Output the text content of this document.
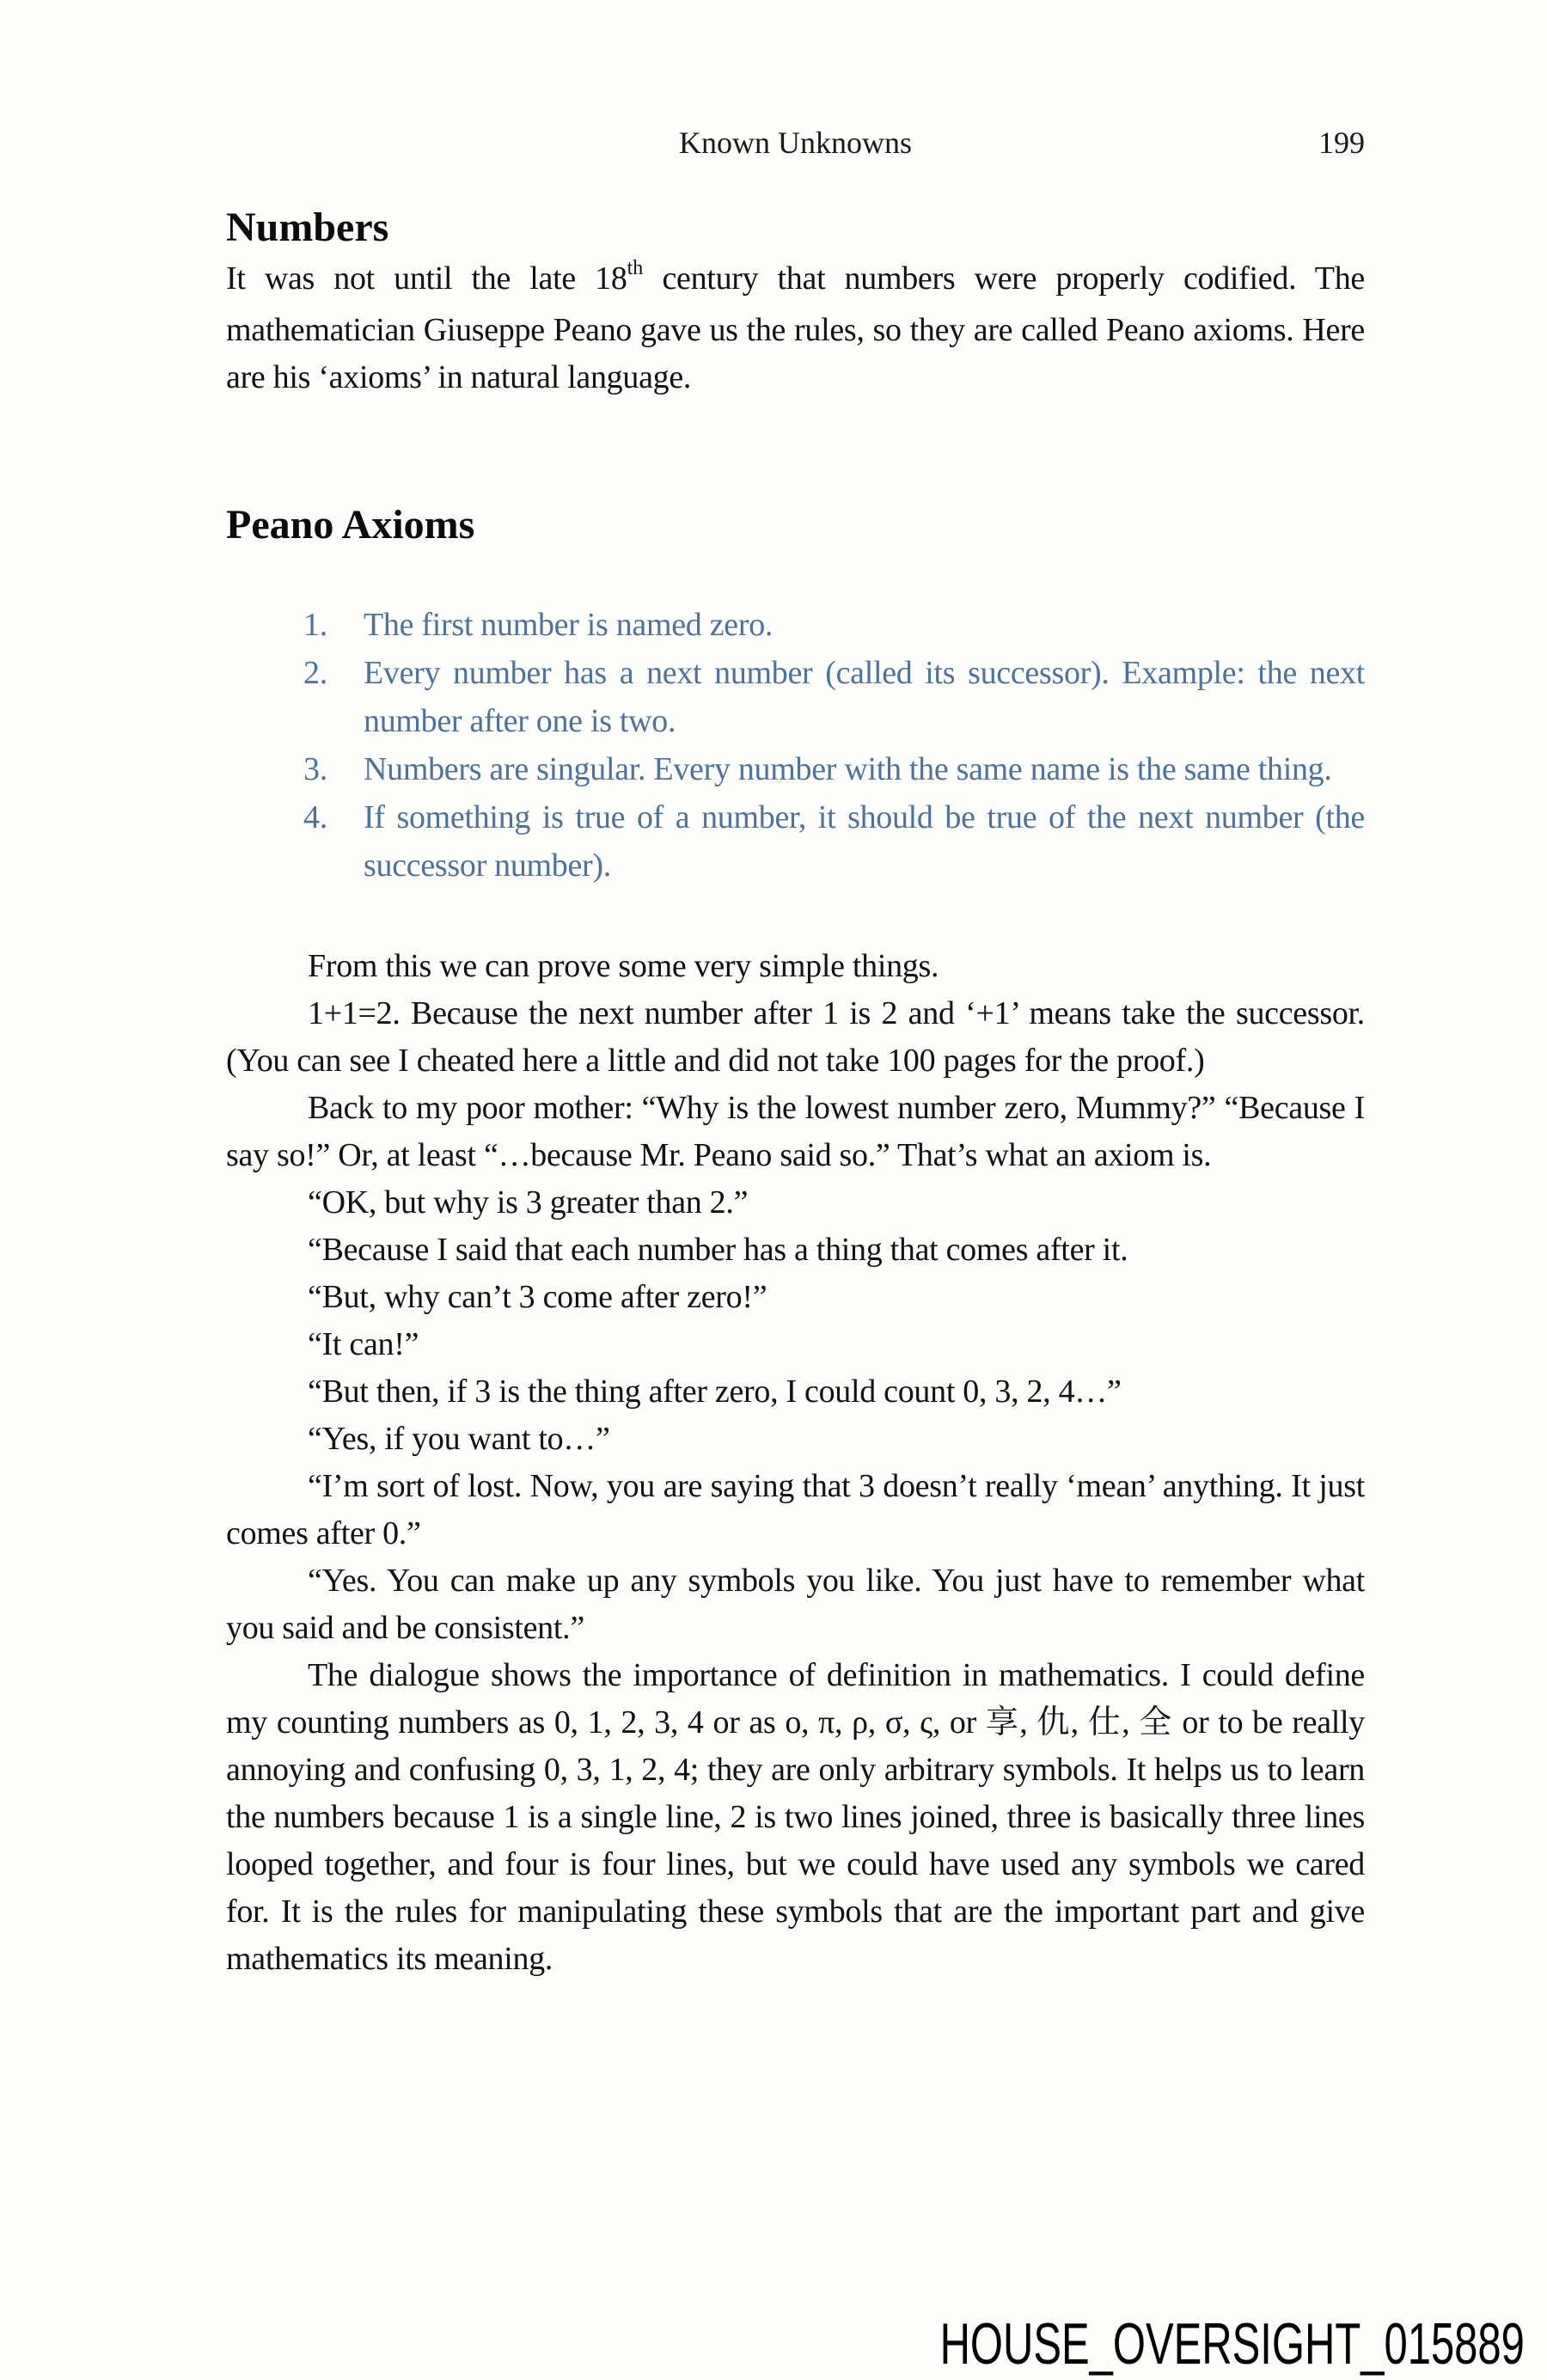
Known Unknowns	199
Numbers

It was not until the late 18th century that numbers were properly codified. The mathematician Giuseppe Peano gave us the rules, so they are called Peano axioms. Here are his ‘axioms’ in natural language.

Peano Axioms
1. The first number is named zero.
2. Every number has a next number (called its successor). Example: the next number after one is two.
3. Numbers are singular. Every number with the same name is the same thing.
4. If something is true of a number, it should be true of the next number (the successor number).

From this we can prove some very simple things.

1+1=2. Because the next number after 1 is 2 and ‘+1’ means take the successor. (You can see I cheated here a little and did not take 100 pages for the proof.)

Back to my poor mother: “Why is the lowest number zero, Mummy?” “Because I say so!” Or, at least “…because Mr. Peano said so.” That’s what an axiom is.

“OK, but why is 3 greater than 2.”

“Because I said that each number has a thing that comes after it.

“But, why can’t 3 come after zero!”

“It can!”

“But then, if 3 is the thing after zero, I could count 0, 3, 2, 4…”

“Yes, if you want to…”

“I’m sort of lost. Now, you are saying that 3 doesn’t really ‘mean’ anything. It just comes after 0.”

“Yes. You can make up any symbols you like. You just have to remember what you said and be consistent.”

The dialogue shows the importance of definition in mathematics. I could define my counting numbers as 0, 1, 2, 3, 4 or as o, π, ρ, σ, ς, or 享, 仇, 仕, 全 or to be really annoying and confusing 0, 3, 1, 2, 4; they are only arbitrary symbols. It helps us to learn the numbers because 1 is a single line, 2 is two lines joined, three is basically three lines looped together, and four is four lines, but we could have used any symbols we cared for. It is the rules for manipulating these symbols that are the important part and give mathematics its meaning.

HOUSE_OVERSIGHT_015889
